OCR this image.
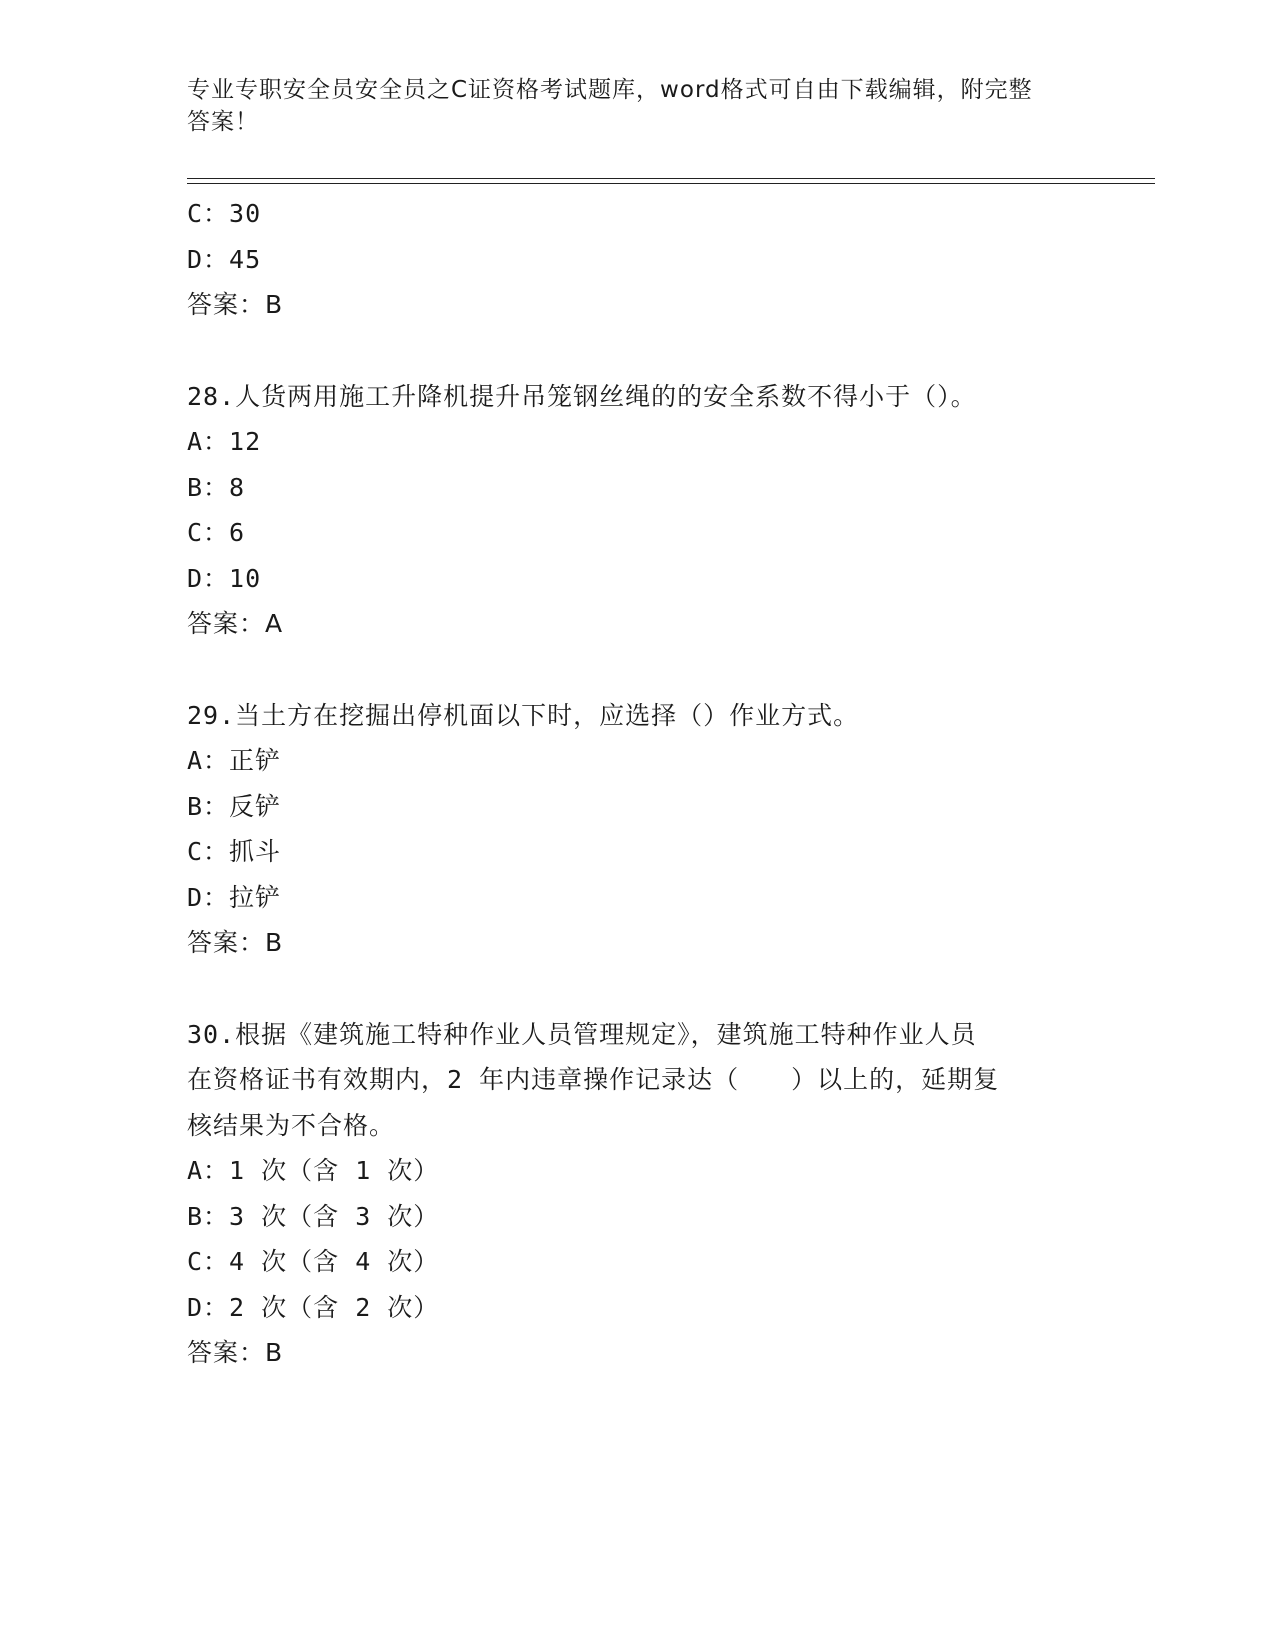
专业专职安全员安全员之C证资格考试题库，word格式可自由下载编辑，附完整
答案！
C：30
D：45
答案：B
28.人货两用施工升降机提升吊笼钢丝绳的的安全系数不得小于（）。
A：12
B：8
C：6
D：10
答案：A
29.当土方在挖掘出停机面以下时，应选择（）作业方式。
A：正铲
B：反铲
C：抓斗
D：拉铲
答案：B
30.根据《建筑施工特种作业人员管理规定》，建筑施工特种作业人员
在资格证书有效期内，2 年内违章操作记录达（　　）以上的，延期复
核结果为不合格。
A：1 次（含 1 次）
B：3 次（含 3 次）
C：4 次（含 4 次）
D：2 次（含 2 次）
答案：B
